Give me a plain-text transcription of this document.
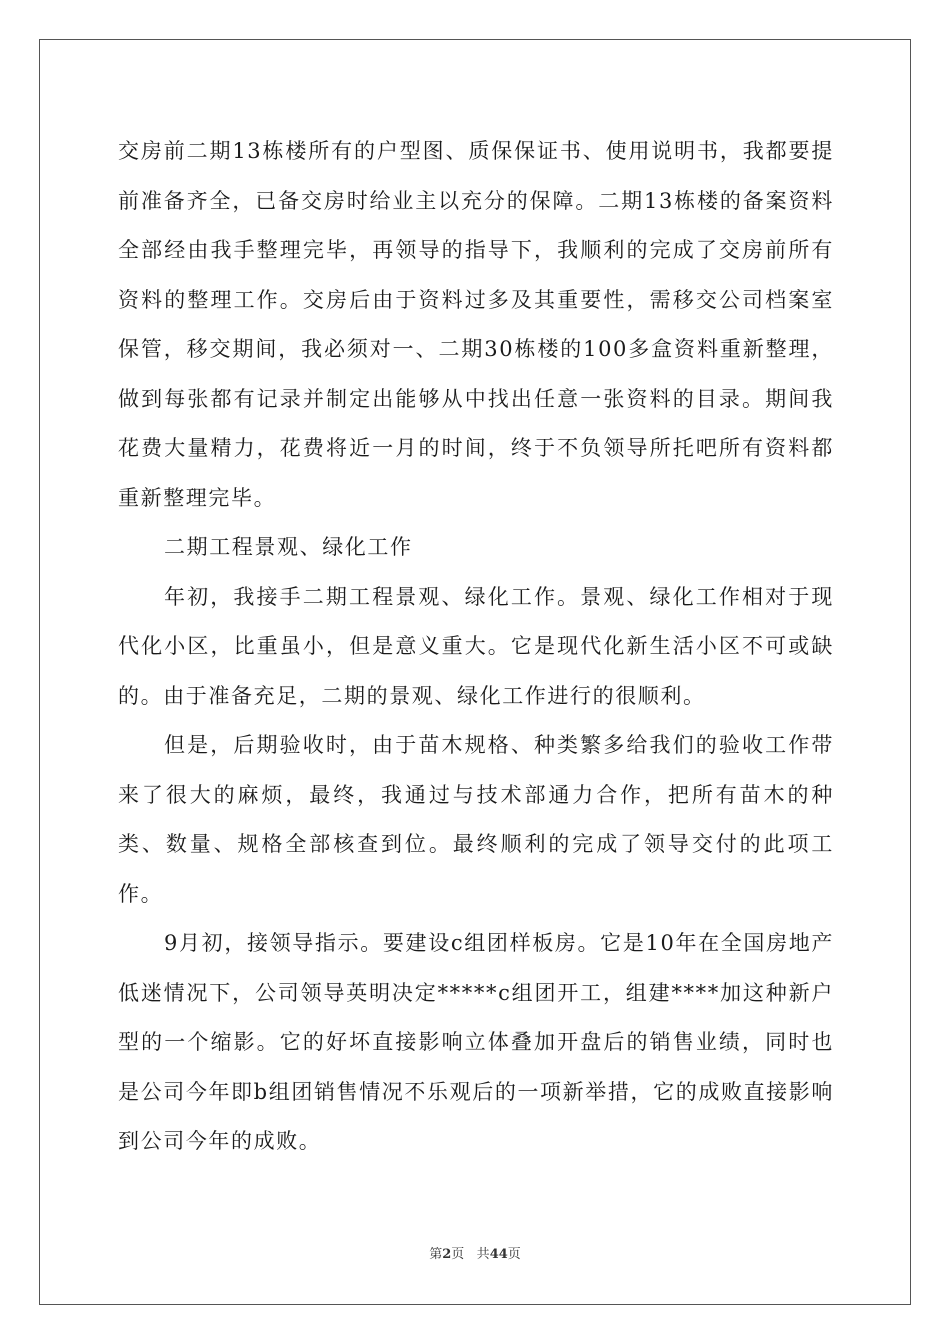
交房前二期13栋楼所有的户型图、质保保证书、使用说明书，我都要提前准备齐全，已备交房时给业主以充分的保障。二期13栋楼的备案资料全部经由我手整理完毕，再领导的指导下，我顺利的完成了交房前所有资料的整理工作。交房后由于资料过多及其重要性，需移交公司档案室保管，移交期间，我必须对一、二期30栋楼的100多盒资料重新整理，做到每张都有记录并制定出能够从中找出任意一张资料的目录。期间我花费大量精力，花费将近一月的时间，终于不负领导所托吧所有资料都重新整理完毕。

二期工程景观、绿化工作

年初，我接手二期工程景观、绿化工作。景观、绿化工作相对于现代化小区，比重虽小，但是意义重大。它是现代化新生活小区不可或缺的。由于准备充足，二期的景观、绿化工作进行的很顺利。

但是，后期验收时，由于苗木规格、种类繁多给我们的验收工作带来了很大的麻烦，最终，我通过与技术部通力合作，把所有苗木的种类、数量、规格全部核查到位。最终顺利的完成了领导交付的此项工作。

9月初，接领导指示。要建设c组团样板房。它是10年在全国房地产低迷情况下，公司领导英明决定*****c组团开工，组建****加这种新户型的一个缩影。它的好坏直接影响立体叠加开盘后的销售业绩，同时也是公司今年即b组团销售情况不乐观后的一项新举措，它的成败直接影响到公司今年的成败。

第2页 共44页
